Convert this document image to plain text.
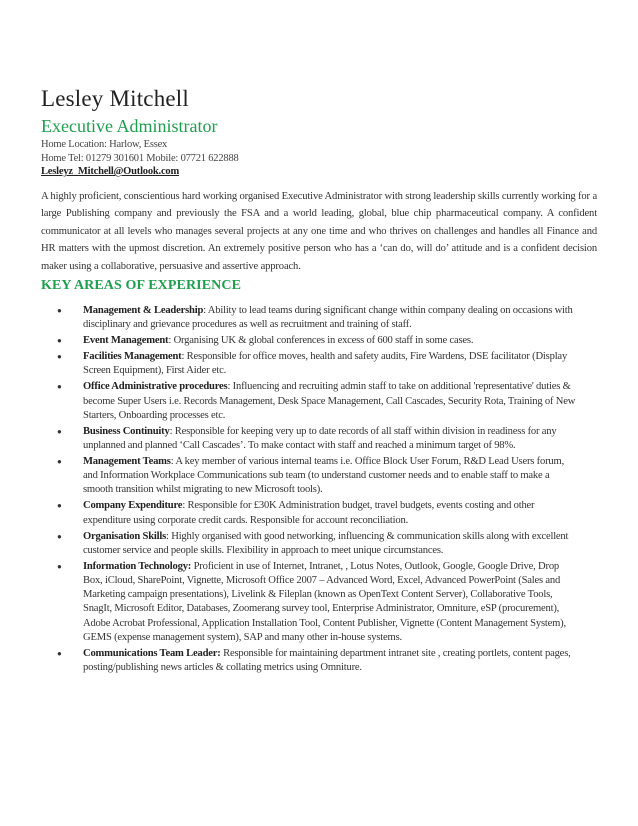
Lesley Mitchell
Executive Administrator
Home Location: Harlow, Essex
Home Tel: 01279 301601 Mobile: 07721 622888
Lesleyz_Mitchell@Outlook.com
A highly proficient, conscientious hard working organised Executive Administrator with strong leadership skills currently working for a large Publishing company and previously the FSA and a world leading, global, blue chip pharmaceutical company. A confident communicator at all levels who manages several projects at any one time and who thrives on challenges and handles all Finance and HR matters with the upmost discretion. An extremely positive person who has a ‘can do, will do’ attitude and is a confident decision maker using a collaborative, persuasive and assertive approach.
KEY AREAS OF EXPERIENCE
● Management & Leadership: Ability to lead teams during significant change within company dealing on occasions with disciplinary and grievance procedures as well as recruitment and training of staff.
● Event Management: Organising UK & global conferences in excess of 600 staff in some cases.
● Facilities Management: Responsible for office moves, health and safety audits, Fire Wardens, DSE facilitator (Display Screen Equipment), First Aider etc.
● Office Administrative procedures: Influencing and recruiting admin staff to take on additional 'representative' duties & become Super Users i.e. Records Management, Desk Space Management, Call Cascades, Security Rota, Training of New Starters, Onboarding processes etc.
● Business Continuity: Responsible for keeping very up to date records of all staff within division in readiness for any unplanned and planned ‘Call Cascades’. To make contact with staff and reached a minimum target of 98%.
● Management Teams: A key member of various internal teams i.e. Office Block User Forum, R&D Lead Users forum, and Information Workplace Communications sub team (to understand customer needs and to enable staff to make a smooth transition whilst migrating to new Microsoft tools).
● Company Expenditure: Responsible for £30K Administration budget, travel budgets, events costing and other expenditure using corporate credit cards. Responsible for account reconciliation.
● Organisation Skills: Highly organised with good networking, influencing & communication skills along with excellent customer service and people skills. Flexibility in approach to meet unique circumstances.
● Information Technology: Proficient in use of Internet, Intranet, , Lotus Notes, Outlook, Google, Google Drive, Drop Box, iCloud, SharePoint, Vignette, Microsoft Office 2007 – Advanced Word, Excel, Advanced PowerPoint (Sales and Marketing campaign presentations), Livelink & Fileplan (known as OpenText Content Server), Collaborative Tools, SnagIt, Microsoft Editor, Databases, Zoomerang survey tool, Enterprise Administrator, Omniture, eSP (procurement), Adobe Acrobat Professional, Application Installation Tool, Content Publisher, Vignette (Content Management System), GEMS (expense management system), SAP and many other in-house systems.
● Communications Team Leader: Responsible for maintaining department intranet site , creating portlets, content pages, posting/publishing news articles & collating metrics using Omniture.
